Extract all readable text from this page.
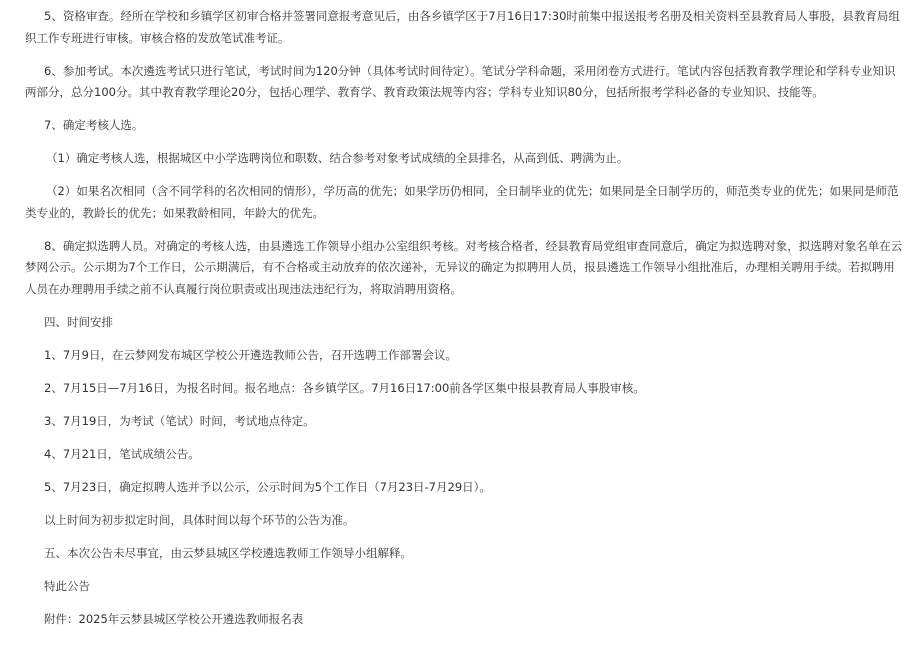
5、资格审查。经所在学校和乡镇学区初审合格并签署同意报考意见后，由各乡镇学区于7月16日17:30时前集中报送报考名册及相关资料至县教育局人事股，县教育局组织工作专班进行审核。审核合格的发放笔试准考证。

6、参加考试。本次遴选考试只进行笔试，考试时间为120分钟（具体考试时间待定）。笔试分学科命题，采用闭卷方式进行。笔试内容包括教育教学理论和学科专业知识两部分，总分100分。其中教育教学理论20分，包括心理学、教育学、教育政策法规等内容；学科专业知识80分，包括所报考学科必备的专业知识、技能等。

7、确定考核人选。

（1）确定考核人选，根据城区中小学选聘岗位和职数、结合参考对象考试成绩的全县排名，从高到低、聘满为止。

（2）如果名次相同（含不同学科的名次相同的情形），学历高的优先；如果学历仍相同，全日制毕业的优先；如果同是全日制学历的，师范类专业的优先；如果同是师范类专业的，教龄长的优先；如果教龄相同，年龄大的优先。

8、确定拟选聘人员。对确定的考核人选，由县遴选工作领导小组办公室组织考核。对考核合格者，经县教育局党组审查同意后，确定为拟选聘对象，拟选聘对象名单在云梦网公示。公示期为7个工作日，公示期满后，有不合格或主动放弃的依次递补，无异议的确定为拟聘用人员，报县遴选工作领导小组批准后，办理相关聘用手续。若拟聘用人员在办理聘用手续之前不认真履行岗位职责或出现违法违纪行为，将取消聘用资格。

四、时间安排

1、7月9日，在云梦网发布城区学校公开遴选教师公告，召开选聘工作部署会议。

2、7月15日—7月16日，为报名时间。报名地点：各乡镇学区。7月16日17:00前各学区集中报县教育局人事股审核。

3、7月19日，为考试（笔试）时间，考试地点待定。

4、7月21日，笔试成绩公告。

5、7月23日，确定拟聘人选并予以公示，公示时间为5个工作日（7月23日-7月29日）。

以上时间为初步拟定时间，具体时间以每个环节的公告为准。

五、本次公告未尽事宜，由云梦县城区学校遴选教师工作领导小组解释。

特此公告

附件：2025年云梦县城区学校公开遴选教师报名表
